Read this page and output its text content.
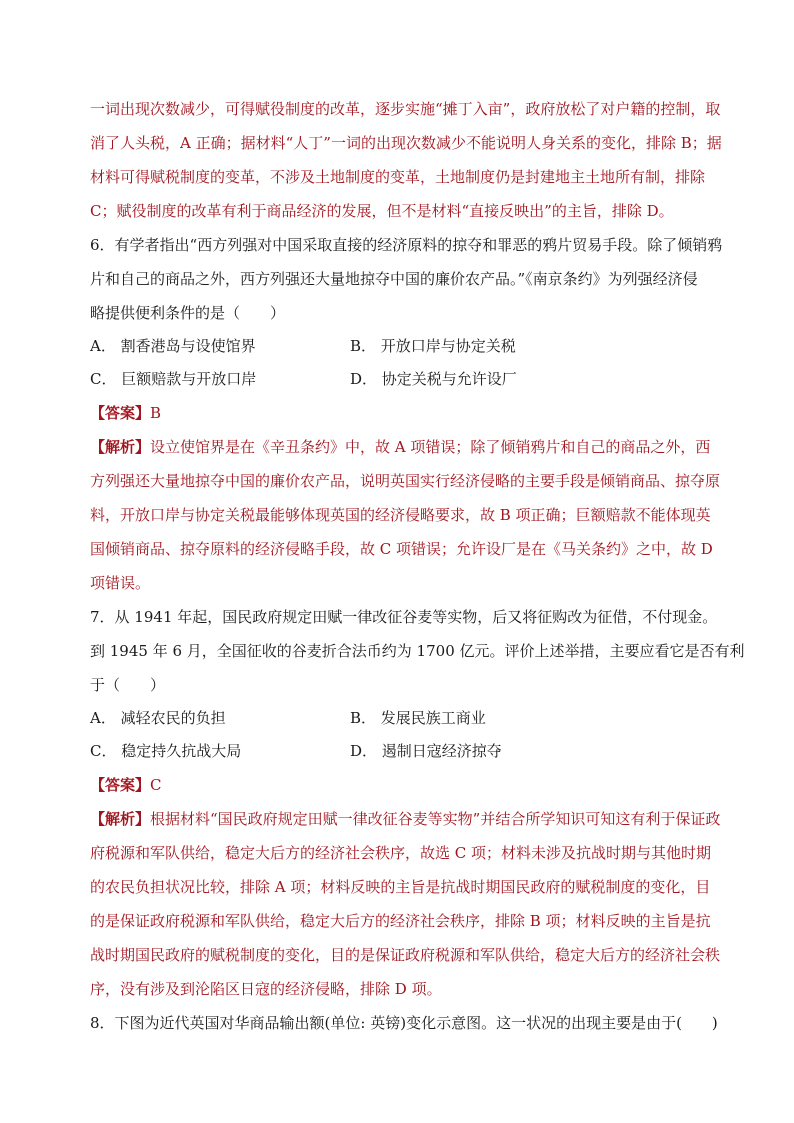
一词出现次数减少，可得赋役制度的改革，逐步实施“摊丁入亩”，政府放松了对户籍的控制，取
消了人头税，A 正确；据材料“人丁”一词的出现次数减少不能说明人身关系的变化，排除 B；据
材料可得赋税制度的变革，不涉及土地制度的变革，土地制度仍是封建地主土地所有制，排除
C；赋役制度的改革有利于商品经济的发展，但不是材料“直接反映出”的主旨，排除 D。
6．有学者指出“西方列强对中国采取直接的经济原料的掠夺和罪恶的鸦片贸易手段。除了倾销鸦
片和自己的商品之外，西方列强还大量地掠夺中国的廉价农产品。”《南京条约》为列强经济侵
略提供便利条件的是（　　）
A． 割香港岛与设使馆界	B． 开放口岸与协定关税
C． 巨额赔款与开放口岸	D． 协定关税与允许设厂
【答案】B
【解析】设立使馆界是在《辛丑条约》中，故 A 项错误；除了倾销鸦片和自己的商品之外，西
方列强还大量地掠夺中国的廉价农产品，说明英国实行经济侵略的主要手段是倾销商品、掠夺原
料，开放口岸与协定关税最能够体现英国的经济侵略要求，故 B 项正确；巨额赔款不能体现英
国倾销商品、掠夺原料的经济侵略手段，故 C 项错误；允许设厂是在《马关条约》之中，故 D
项错误。
7．从 1941 年起，国民政府规定田赋一律改征谷麦等实物，后又将征购改为征借，不付现金。
到 1945 年 6 月，全国征收的谷麦折合法币约为 1700 亿元。评价上述举措，主要应看它是否有利
于（　　）
A． 减轻农民的负担	B． 发展民族工商业
C． 稳定持久抗战大局	D． 遏制日寇经济掠夺
【答案】C
【解析】根据材料“国民政府规定田赋一律改征谷麦等实物”并结合所学知识可知这有利于保证政
府税源和军队供给，稳定大后方的经济社会秩序，故选 C 项；材料未涉及抗战时期与其他时期
的农民负担状况比较，排除 A 项；材料反映的主旨是抗战时期国民政府的赋税制度的变化，目
的是保证政府税源和军队供给，稳定大后方的经济社会秩序，排除 B 项；材料反映的主旨是抗
战时期国民政府的赋税制度的变化，目的是保证政府税源和军队供给，稳定大后方的经济社会秩
序，没有涉及到沦陷区日寇的经济侵略，排除 D 项。
8．下图为近代英国对华商品输出额(单位: 英镑)变化示意图。这一状况的出现主要是由于(　　)
